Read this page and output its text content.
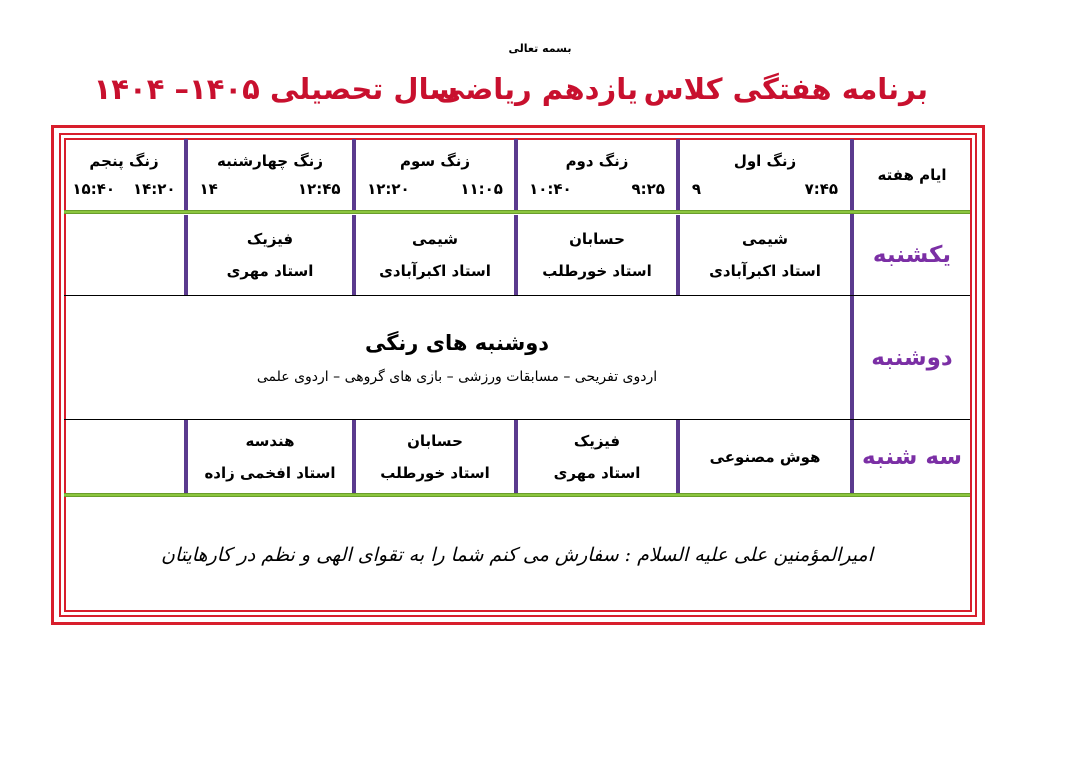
بسمه تعالی
برنامه هفتگی کلاس
یازدهم ریاضی
سال تحصیلی ۱۴۰۵– ۱۴۰۴
ایام هفته
زنگ اول
۷:۴۵
۹
زنگ دوم
۹:۲۵
۱۰:۴۰
زنگ سوم
۱۱:۰۵
۱۲:۲۰
زنگ چهارشنبه
۱۲:۴۵
۱۴
زنگ پنجم
۱۴:۲۰
۱۵:۴۰
یکشنبه
شیمی
استاد اکبرآبادی
حسابان
استاد خورطلب
شیمی
استاد اکبرآبادی
فیزیک
استاد مهری
دوشنبه
دوشنبه های رنگی
اردوی تفریحی – مسابقات ورزشی – بازی های گروهی – اردوی علمی
سه شنبه
هوش مصنوعی
فیزیک
استاد مهری
حسابان
استاد خورطلب
هندسه
استاد افخمی زاده
امیرالمؤمنین علی علیه السلام : سفارش می کنم شما را به تقوای الهی و نظم در کارهایتان
